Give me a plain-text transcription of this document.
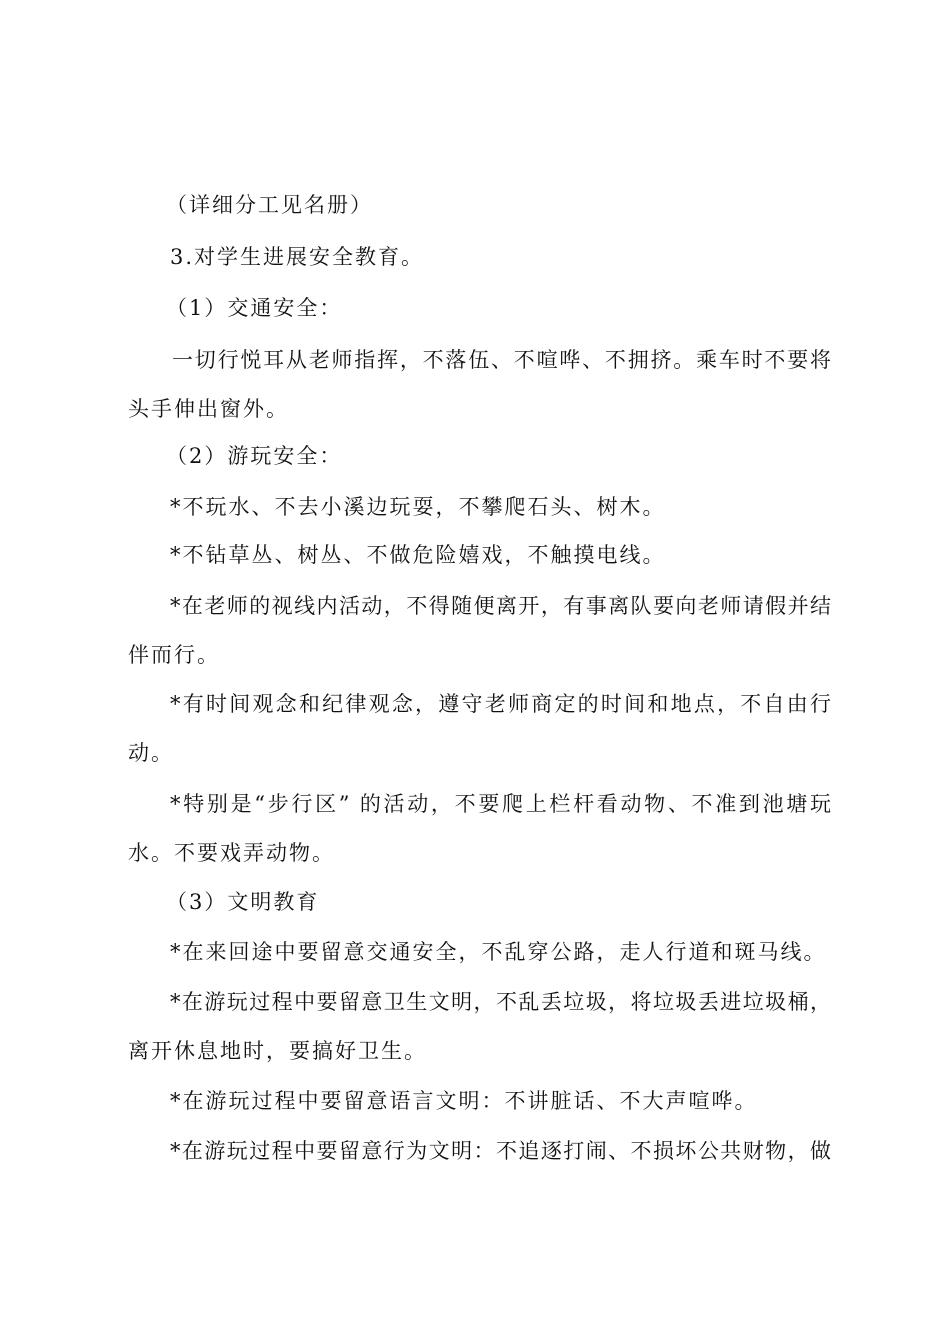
（详细分工见名册）

3.对学生进展安全教育。

（1）交通安全：

一切行悦耳从老师指挥，不落伍、不喧哗、不拥挤。乘车时不要将

头手伸出窗外。

（2）游玩安全：

*不玩水、不去小溪边玩耍，不攀爬石头、树木。

*不钻草丛、树丛、不做危险嬉戏，不触摸电线。

*在老师的视线内活动，不得随便离开，有事离队要向老师请假并结

伴而行。

*有时间观念和纪律观念，遵守老师商定的时间和地点，不自由行

动。

*特别是“步行区” 的活动，不要爬上栏杆看动物、不准到池塘玩

水。不要戏弄动物。

（3）文明教育

*在来回途中要留意交通安全，不乱穿公路，走人行道和斑马线。

*在游玩过程中要留意卫生文明，不乱丢垃圾，将垃圾丢进垃圾桶，

离开休息地时，要搞好卫生。

*在游玩过程中要留意语言文明：不讲脏话、不大声喧哗。

*在游玩过程中要留意行为文明：不追逐打闹、不损坏公共财物，做
